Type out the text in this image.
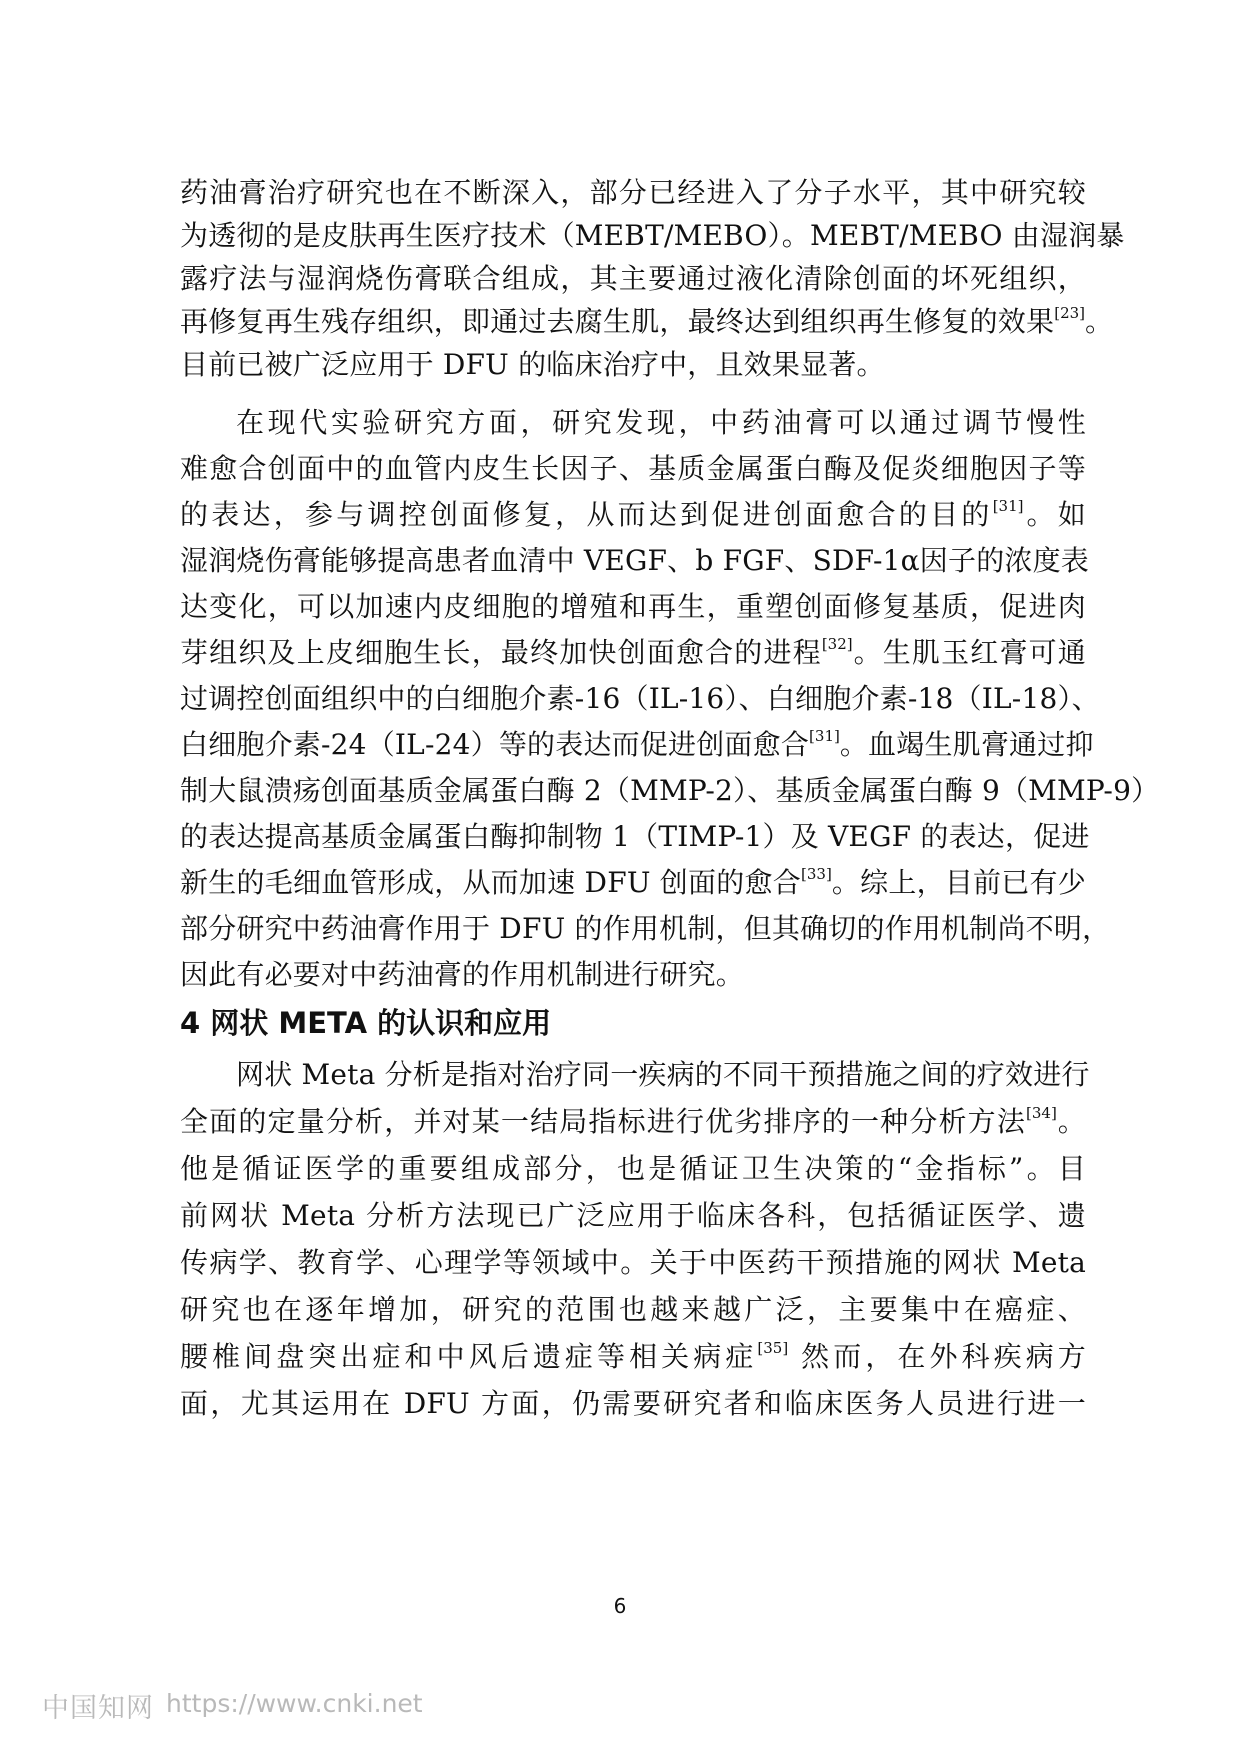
药油膏治疗研究也在不断深入，部分已经进入了分子水平，其中研究较
为透彻的是皮肤再生医疗技术（MEBT/MEBO）。MEBT/MEBO 由湿润暴
露疗法与湿润烧伤膏联合组成，其主要通过液化清除创面的坏死组织，
再修复再生残存组织，即通过去腐生肌，最终达到组织再生修复的效果[23]。
目前已被广泛应用于 DFU 的临床治疗中，且效果显著。
在现代实验研究方面，研究发现，中药油膏可以通过调节慢性
难愈合创面中的血管内皮生长因子、基质金属蛋白酶及促炎细胞因子等
的表达，参与调控创面修复，从而达到促进创面愈合的目的[31]。如
湿润烧伤膏能够提高患者血清中 VEGF、b FGF、SDF-1α因子的浓度表
达变化，可以加速内皮细胞的增殖和再生，重塑创面修复基质，促进肉
芽组织及上皮细胞生长，最终加快创面愈合的进程[32]。生肌玉红膏可通
过调控创面组织中的白细胞介素-16（IL-16）、白细胞介素-18（IL-18）、
白细胞介素-24（IL-24）等的表达而促进创面愈合[31]。血竭生肌膏通过抑
制大鼠溃疡创面基质金属蛋白酶 2（MMP-2）、基质金属蛋白酶 9（MMP-9）
的表达提高基质金属蛋白酶抑制物 1（TIMP-1）及 VEGF 的表达，促进
新生的毛细血管形成，从而加速 DFU 创面的愈合[33]。综上，目前已有少
部分研究中药油膏作用于 DFU 的作用机制，但其确切的作用机制尚不明，
因此有必要对中药油膏的作用机制进行研究。
4 网状 META 的认识和应用
网状 Meta 分析是指对治疗同一疾病的不同干预措施之间的疗效进行
全面的定量分析，并对某一结局指标进行优劣排序的一种分析方法[34]。
他是循证医学的重要组成部分，也是循证卫生决策的“金指标”。目
前网状 Meta 分析方法现已广泛应用于临床各科，包括循证医学、遗
传病学、教育学、心理学等领域中。关于中医药干预措施的网状 Meta
研究也在逐年增加，研究的范围也越来越广泛，主要集中在癌症、
腰椎间盘突出症和中风后遗症等相关病症[35] 然而，在外科疾病方
面，尤其运用在 DFU 方面，仍需要研究者和临床医务人员进行进一
6
中国知网 https://www.cnki.net
